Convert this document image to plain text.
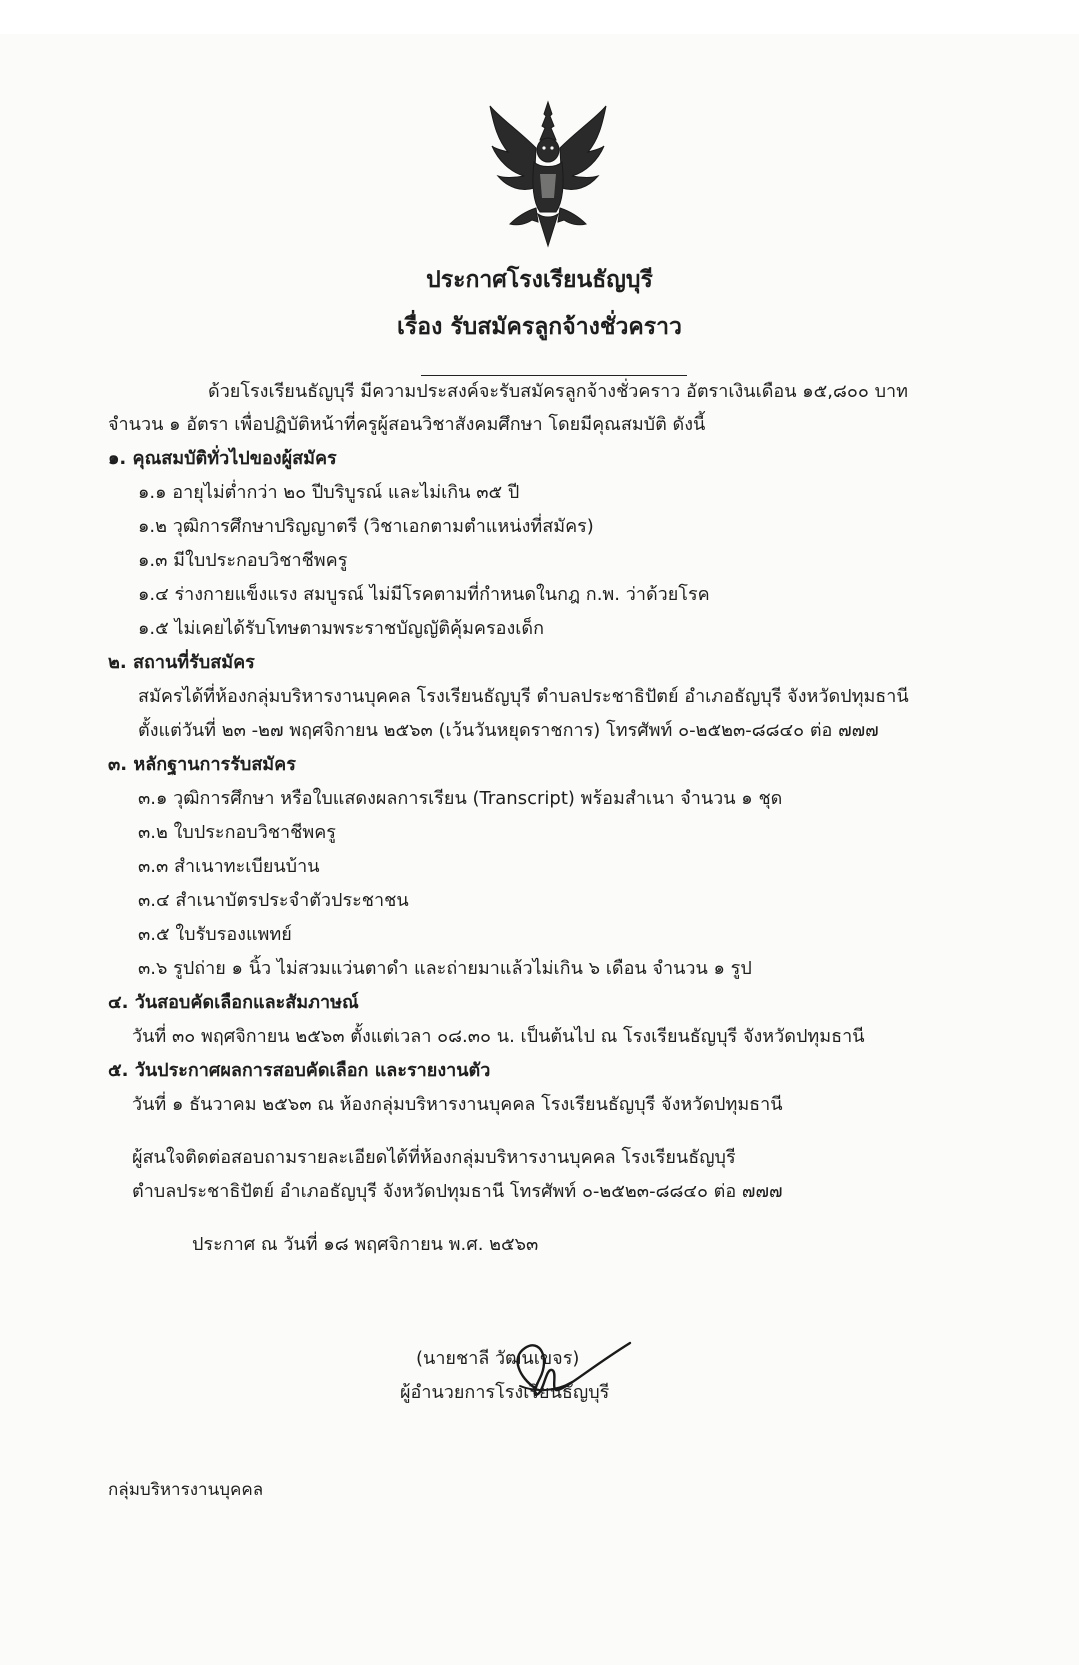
ประกาศโรงเรียนธัญบุรี
เรื่อง รับสมัครลูกจ้างชั่วคราว
ด้วยโรงเรียนธัญบุรี มีความประสงค์จะรับสมัครลูกจ้างชั่วคราว อัตราเงินเดือน ๑๕,๘๐๐ บาท
จำนวน ๑ อัตรา เพื่อปฏิบัติหน้าที่ครูผู้สอนวิชาสังคมศึกษา โดยมีคุณสมบัติ ดังนี้
๑. คุณสมบัติทั่วไปของผู้สมัคร
๑.๑ อายุไม่ต่ำกว่า ๒๐ ปีบริบูรณ์ และไม่เกิน ๓๕ ปี
๑.๒ วุฒิการศึกษาปริญญาตรี (วิชาเอกตามตำแหน่งที่สมัคร)
๑.๓ มีใบประกอบวิชาชีพครู
๑.๔ ร่างกายแข็งแรง สมบูรณ์ ไม่มีโรคตามที่กำหนดในกฎ ก.พ. ว่าด้วยโรค
๑.๕ ไม่เคยได้รับโทษตามพระราชบัญญัติคุ้มครองเด็ก
๒. สถานที่รับสมัคร
สมัครได้ที่ห้องกลุ่มบริหารงานบุคคล โรงเรียนธัญบุรี ตำบลประชาธิปัตย์ อำเภอธัญบุรี จังหวัดปทุมธานี
ตั้งแต่วันที่ ๒๓ -๒๗ พฤศจิกายน ๒๕๖๓ (เว้นวันหยุดราชการ) โทรศัพท์ ๐-๒๕๒๓-๘๘๔๐ ต่อ ๗๗๗
๓. หลักฐานการรับสมัคร
๓.๑ วุฒิการศึกษา หรือใบแสดงผลการเรียน (Transcript) พร้อมสำเนา จำนวน ๑ ชุด
๓.๒ ใบประกอบวิชาชีพครู
๓.๓ สำเนาทะเบียนบ้าน
๓.๔ สำเนาบัตรประจำตัวประชาชน
๓.๕ ใบรับรองแพทย์
๓.๖ รูปถ่าย ๑ นิ้ว ไม่สวมแว่นตาดำ และถ่ายมาแล้วไม่เกิน ๖ เดือน จำนวน ๑ รูป
๔. วันสอบคัดเลือกและสัมภาษณ์
วันที่ ๓๐ พฤศจิกายน ๒๕๖๓ ตั้งแต่เวลา ๐๘.๓๐ น. เป็นต้นไป ณ โรงเรียนธัญบุรี จังหวัดปทุมธานี
๕. วันประกาศผลการสอบคัดเลือก และรายงานตัว
วันที่ ๑ ธันวาคม ๒๕๖๓ ณ ห้องกลุ่มบริหารงานบุคคล โรงเรียนธัญบุรี จังหวัดปทุมธานี
ผู้สนใจติดต่อสอบถามรายละเอียดได้ที่ห้องกลุ่มบริหารงานบุคคล โรงเรียนธัญบุรี
ตำบลประชาธิปัตย์ อำเภอธัญบุรี จังหวัดปทุมธานี โทรศัพท์ ๐-๒๕๒๓-๘๘๔๐ ต่อ ๗๗๗
ประกาศ ณ วันที่ ๑๘ พฤศจิกายน พ.ศ. ๒๕๖๓
(นายชาลี วัฒนเขจร)
ผู้อำนวยการโรงเรียนธัญบุรี
กลุ่มบริหารงานบุคคล
